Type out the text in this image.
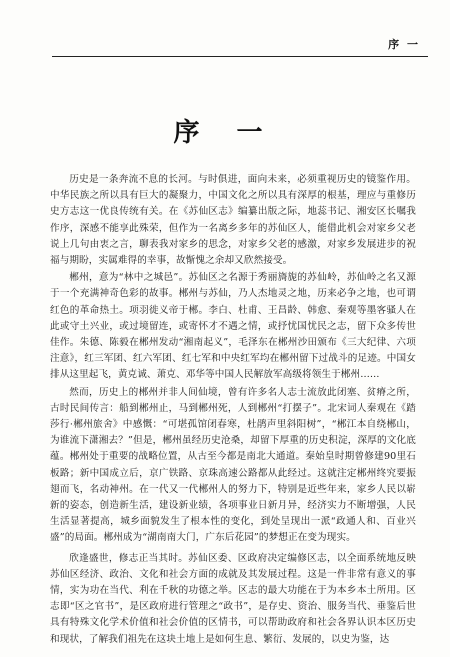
序 一
序 一

历史是一条奔流不息的长河。与时俱进，面向未来，必须重视历史的镜鉴作用。中华民族之所以具有巨大的凝聚力，中国文化之所以具有深厚的根基，理应与重修历史方志这一优良传统有关。在《苏仙区志》编纂出版之际，地蕊书记、湘安区长嘱我作序，深感不能享此殊荣，但作为一名离乡多年的苏仙区人，能借此机会对家乡父老说上几句由衷之言，聊表我对家乡的思念，对家乡父老的感激，对家乡发展进步的祝福与期盼，实属难得的幸事，故惭愧之余却又欣然接受。

郴州，意为“林中之城邑”。苏仙区之名源于秀丽旖旎的苏仙岭，苏仙岭之名又源于一个充满神奇色彩的故事。郴州与苏仙，乃人杰地灵之地，历来必争之地，也可谓红色的革命热土。项羽徙义帝于郴。李白、杜甫、王昌龄、韩愈、秦观等墨客骚人在此或守土兴业，或过境留连，或寄怀才不遇之情，或抒忧国忧民之志，留下众多传世佳作。朱德、陈毅在郴州发动“湘南起义”，毛泽东在郴州沙田颁布《三大纪律、六项注意》，红三军团、红六军团、红七军和中央红军均在郴州留下过战斗的足迹。中国女排从这里起飞，黄克诚、萧克、邓华等中国人民解放军高级将领生于郴州……

然而，历史上的郴州并非人间仙境，曾有许多名人志士流放此闭塞、贫瘠之所，古时民间传言：船到郴州止，马到郴州死，人到郴州“打摆子”。北宋词人秦观在《踏莎行·郴州旅舍》中感慨：“可堪孤馆闭春寒，杜鹃声里斜阳树”，“郴江本自绕郴山，为谁流下潇湘去？”但是，郴州虽经历史沧桑，却留下厚重的历史积淀，深厚的文化底蕴。郴州处于重要的战略位置，从古至今都是南北大通道。秦始皇时期曾修建90里石板路；新中国成立后，京广铁路、京珠高速公路都从此经过。这就注定郴州终究要振翅而飞，名动神州。在一代又一代郴州人的努力下，特别是近些年来，家乡人民以崭新的姿态，创造新生活，建设新业绩，各项事业日新月异，经济实力不断增强，人民生活显著提高，城乡面貌发生了根本性的变化，到处呈现出一派“政通人和、百业兴盛”的局面。郴州成为“湖南南大门，广东后花园”的梦想正在变为现实。

欣逢盛世，修志正当其时。苏仙区委、区政府决定编修区志，以全面系统地反映苏仙区经济、政治、文化和社会方面的成就及其发展过程。这是一件非常有意义的事情，实为功在当代、利在千秋的功德之举。区志的最大功能在于为本乡本土所用。区志即“区之官书”，是区政府进行管理之“政书”，是存史、资治、服务当代、垂鉴后世具有特殊文化学术价值和社会价值的区情书，可以帮助政府和社会各界认识本区历史和现状，了解我们祖先在这块土地上是如何生息、繁衍、发展的，以史为鉴，达
